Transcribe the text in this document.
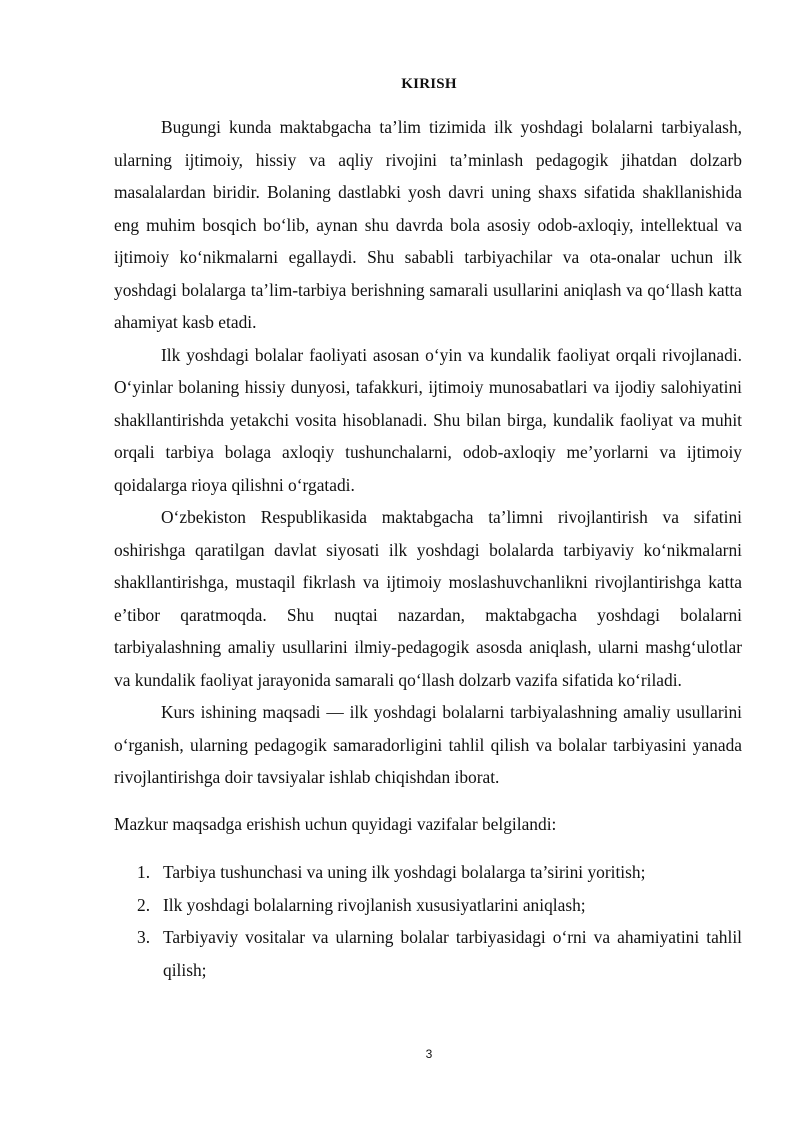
KIRISH

Bugungi kunda maktabgacha ta’lim tizimida ilk yoshdagi bolalarni tarbiyalash, ularning ijtimoiy, hissiy va aqliy rivojini ta’minlash pedagogik jihatdan dolzarb masalalardan biridir. Bolaning dastlabki yosh davri uning shaxs sifatida shakllanishida eng muhim bosqich bo‘lib, aynan shu davrda bola asosiy odob-axloqiy, intellektual va ijtimoiy ko‘nikmalarni egallaydi. Shu sababli tarbiyachilar va ota-onalar uchun ilk yoshdagi bolalarga ta’lim-tarbiya berishning samarali usullarini aniqlash va qo‘llash katta ahamiyat kasb etadi.

Ilk yoshdagi bolalar faoliyati asosan o‘yin va kundalik faoliyat orqali rivojlanadi. O‘yinlar bolaning hissiy dunyosi, tafakkuri, ijtimoiy munosabatlari va ijodiy salohiyatini shakllantirishda yetakchi vosita hisoblanadi. Shu bilan birga, kundalik faoliyat va muhit orqali tarbiya bolaga axloqiy tushunchalarni, odob-axloqiy me’yorlarni va ijtimoiy qoidalarga rioya qilishni o‘rgatadi.

O‘zbekiston Respublikasida maktabgacha ta’limni rivojlantirish va sifatini oshirishga qaratilgan davlat siyosati ilk yoshdagi bolalarda tarbiyaviy ko‘nikmalarni shakllantirishga, mustaqil fikrlash va ijtimoiy moslashuvchanlikni rivojlantirishga katta e’tibor qaratmoqda. Shu nuqtai nazardan, maktabgacha yoshdagi bolalarni tarbiyalashning amaliy usullarini ilmiy-pedagogik asosda aniqlash, ularni mashg‘ulotlar va kundalik faoliyat jarayonida samarali qo‘llash dolzarb vazifa sifatida ko‘riladi.

Kurs ishining maqsadi — ilk yoshdagi bolalarni tarbiyalashning amaliy usullarini o‘rganish, ularning pedagogik samaradorligini tahlil qilish va bolalar tarbiyasini yanada rivojlantirishga doir tavsiyalar ishlab chiqishdan iborat.

Mazkur maqsadga erishish uchun quyidagi vazifalar belgilandi:

1. Tarbiya tushunchasi va uning ilk yoshdagi bolalarga ta’sirini yoritish;
2. Ilk yoshdagi bolalarning rivojlanish xususiyatlarini aniqlash;
3. Tarbiyaviy vositalar va ularning bolalar tarbiyasidagi o‘rni va ahamiyatini tahlil qilish;
3
